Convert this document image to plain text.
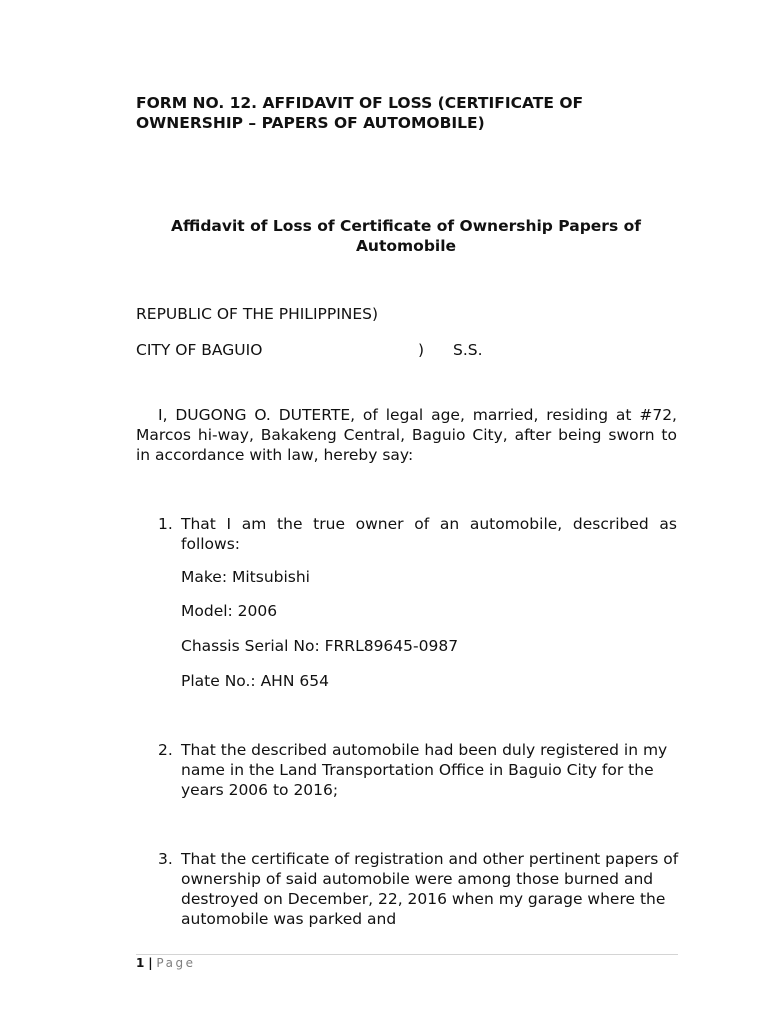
FORM NO. 12. AFFIDAVIT OF LOSS (CERTIFICATE OF OWNERSHIP – PAPERS OF AUTOMOBILE)
Affidavit of Loss of Certificate of Ownership Papers of Automobile
REPUBLIC OF THE PHILIPPINES)
CITY OF BAGUIO	) S.S.
I, DUGONG O. DUTERTE, of legal age, married, residing at #72, Marcos hi-way, Bakakeng Central, Baguio City, after being sworn to in accordance with law, hereby say:
1. That I am the true owner of an automobile, described as follows:
Make: Mitsubishi
Model: 2006
Chassis Serial No: FRRL89645-0987
Plate No.: AHN 654
2. That the described automobile had been duly registered in my name in the Land Transportation Office in Baguio City for the years 2006 to 2016;
3. That the certificate of registration and other pertinent papers of ownership of said automobile were among those burned and destroyed on December, 22, 2016 when my garage where the automobile was parked and
1 | Page
